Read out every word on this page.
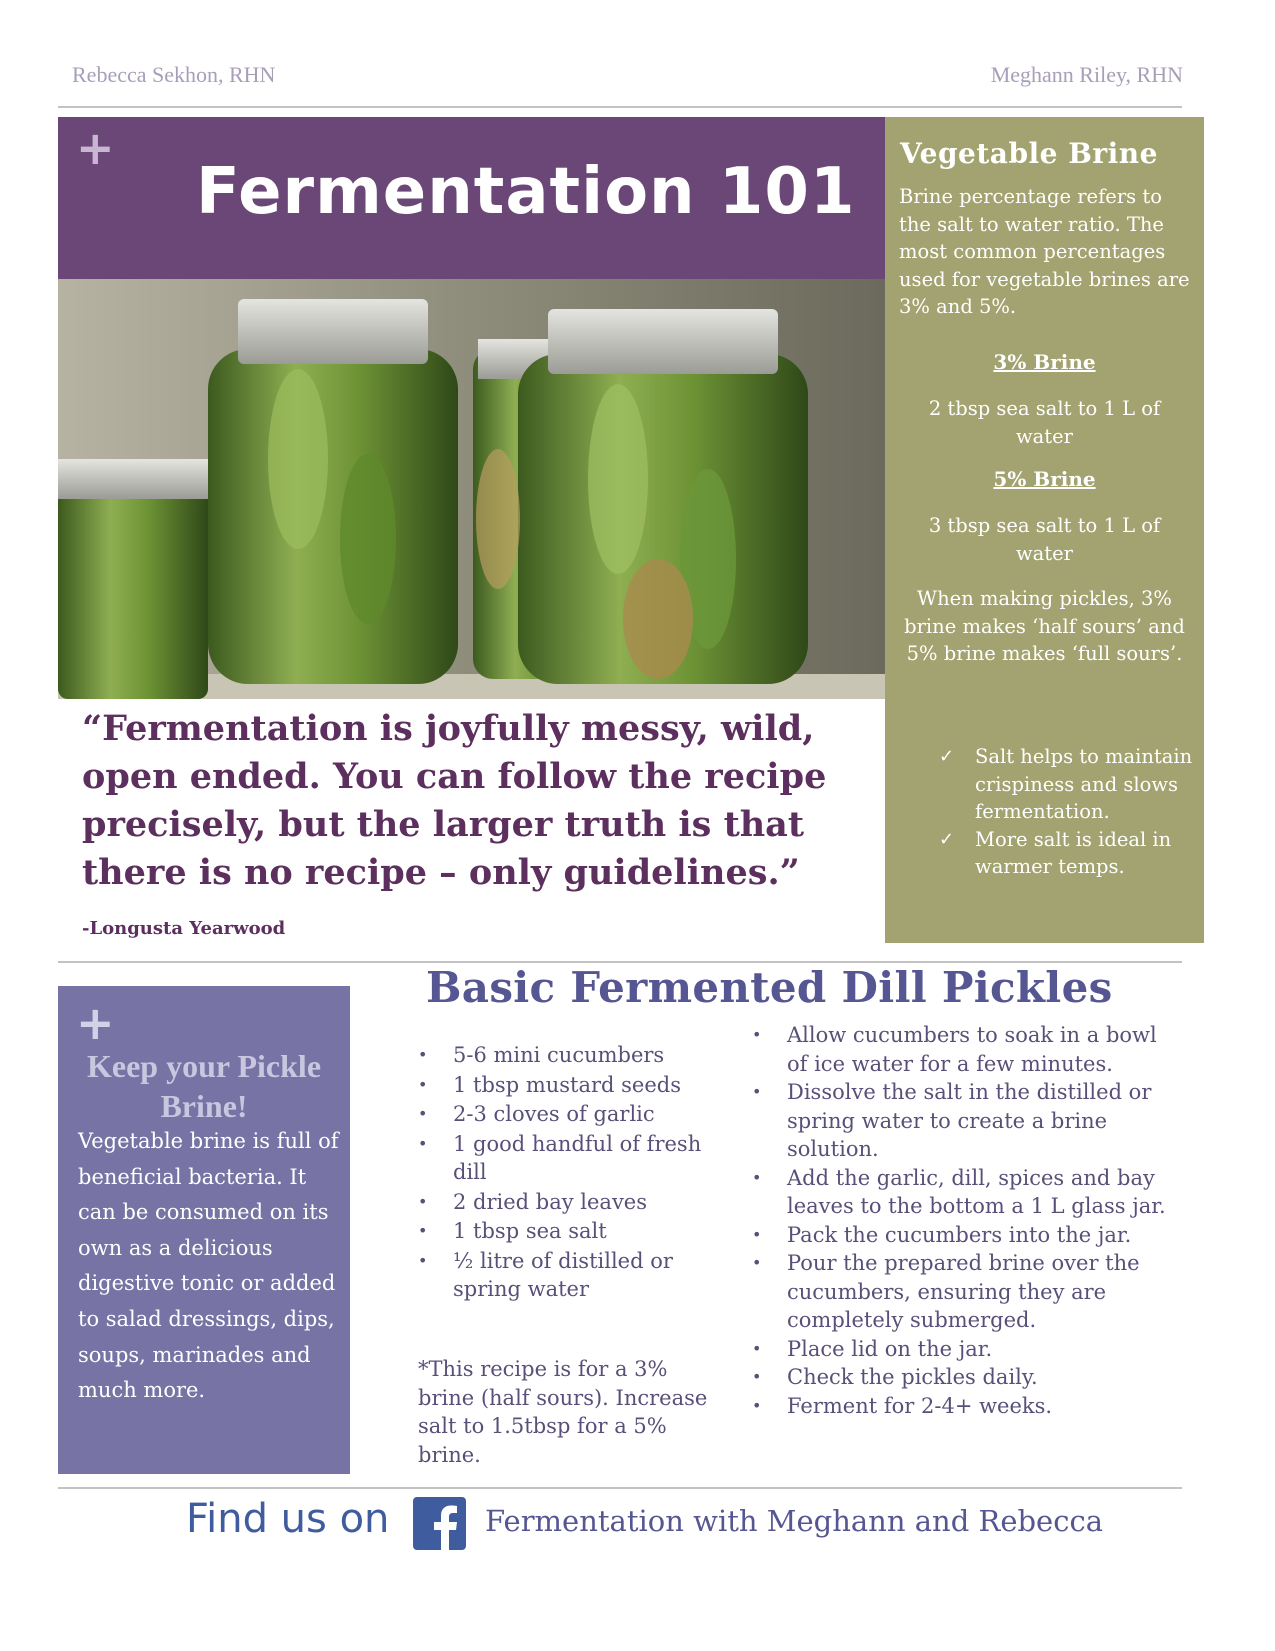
Rebecca Sekhon, RHN	Meghann Riley, RHN
+
Fermentation 101

“Fermentation is joyfully messy, wild, open ended. You can follow the recipe precisely, but the larger truth is that there is no recipe – only guidelines.”

-Longusta Yearwood
Vegetable Brine

Brine percentage refers to the salt to water ratio. The most common percentages used for vegetable brines are 3% and 5%.

3% Brine
2 tbsp sea salt to 1 L of water
5% Brine
3 tbsp sea salt to 1 L of water
When making pickles, 3% brine makes ‘half sours’ and 5% brine makes ‘full sours’.
✓ Salt helps to maintain crispiness and slows fermentation.
✓ More salt is ideal in warmer temps.
+
Keep your Pickle Brine!

Vegetable brine is full of beneficial bacteria. It can be consumed on its own as a delicious digestive tonic or added to salad dressings, dips, soups, marinades and much more.

Basic Fermented Dill Pickles
• 5-6 mini cucumbers
• 1 tbsp mustard seeds
• 2-3 cloves of garlic
• 1 good handful of fresh dill
• 2 dried bay leaves
• 1 tbsp sea salt
• ½ litre of distilled or spring water

*This recipe is for a 3% brine (half sours). Increase salt to 1.5tbsp for a 5% brine.

• Allow cucumbers to soak in a bowl of ice water for a few minutes.
• Dissolve the salt in the distilled or spring water to create a brine solution.
• Add the garlic, dill, spices and bay leaves to the bottom a 1 L glass jar.
• Pack the cucumbers into the jar.
• Pour the prepared brine over the cucumbers, ensuring they are completely submerged.
• Place lid on the jar.
• Check the pickles daily.
• Ferment for 2-4+ weeks.
Find us on	Fermentation with Meghann and Rebecca
